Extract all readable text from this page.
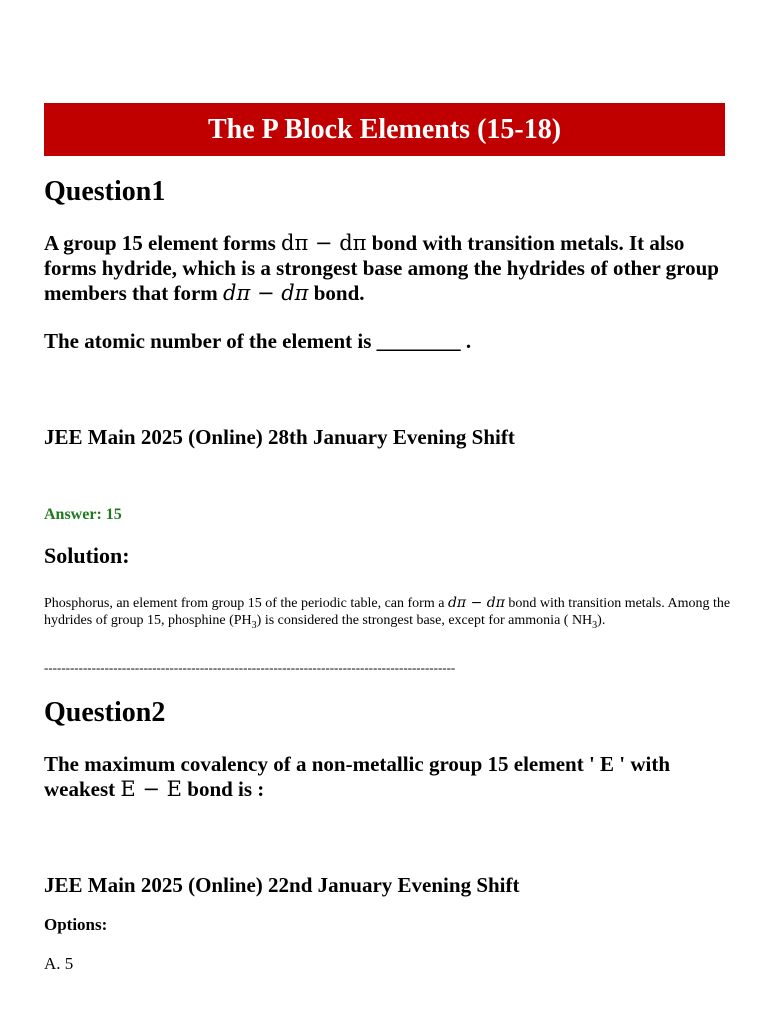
The P Block Elements (15-18)
Question1
A group 15 element forms dπ − dπ bond with transition metals. It also forms hydride, which is a strongest base among the hydrides of other group members that form dπ − dπ bond.
The atomic number of the element is ________ .
JEE Main 2025 (Online) 28th January Evening Shift
Answer: 15
Solution:
Phosphorus, an element from group 15 of the periodic table, can form a dπ − dπ bond with transition metals. Among the hydrides of group 15, phosphine $(PH_3)$ is considered the strongest base, except for ammonia ( $NH_3$).
-----------------------------------------------------------------------------------------------
Question2
The maximum covalency of a non-metallic group 15 element ' E ' with weakest E − E bond is :
JEE Main 2025 (Online) 22nd January Evening Shift
Options:
A. 5
